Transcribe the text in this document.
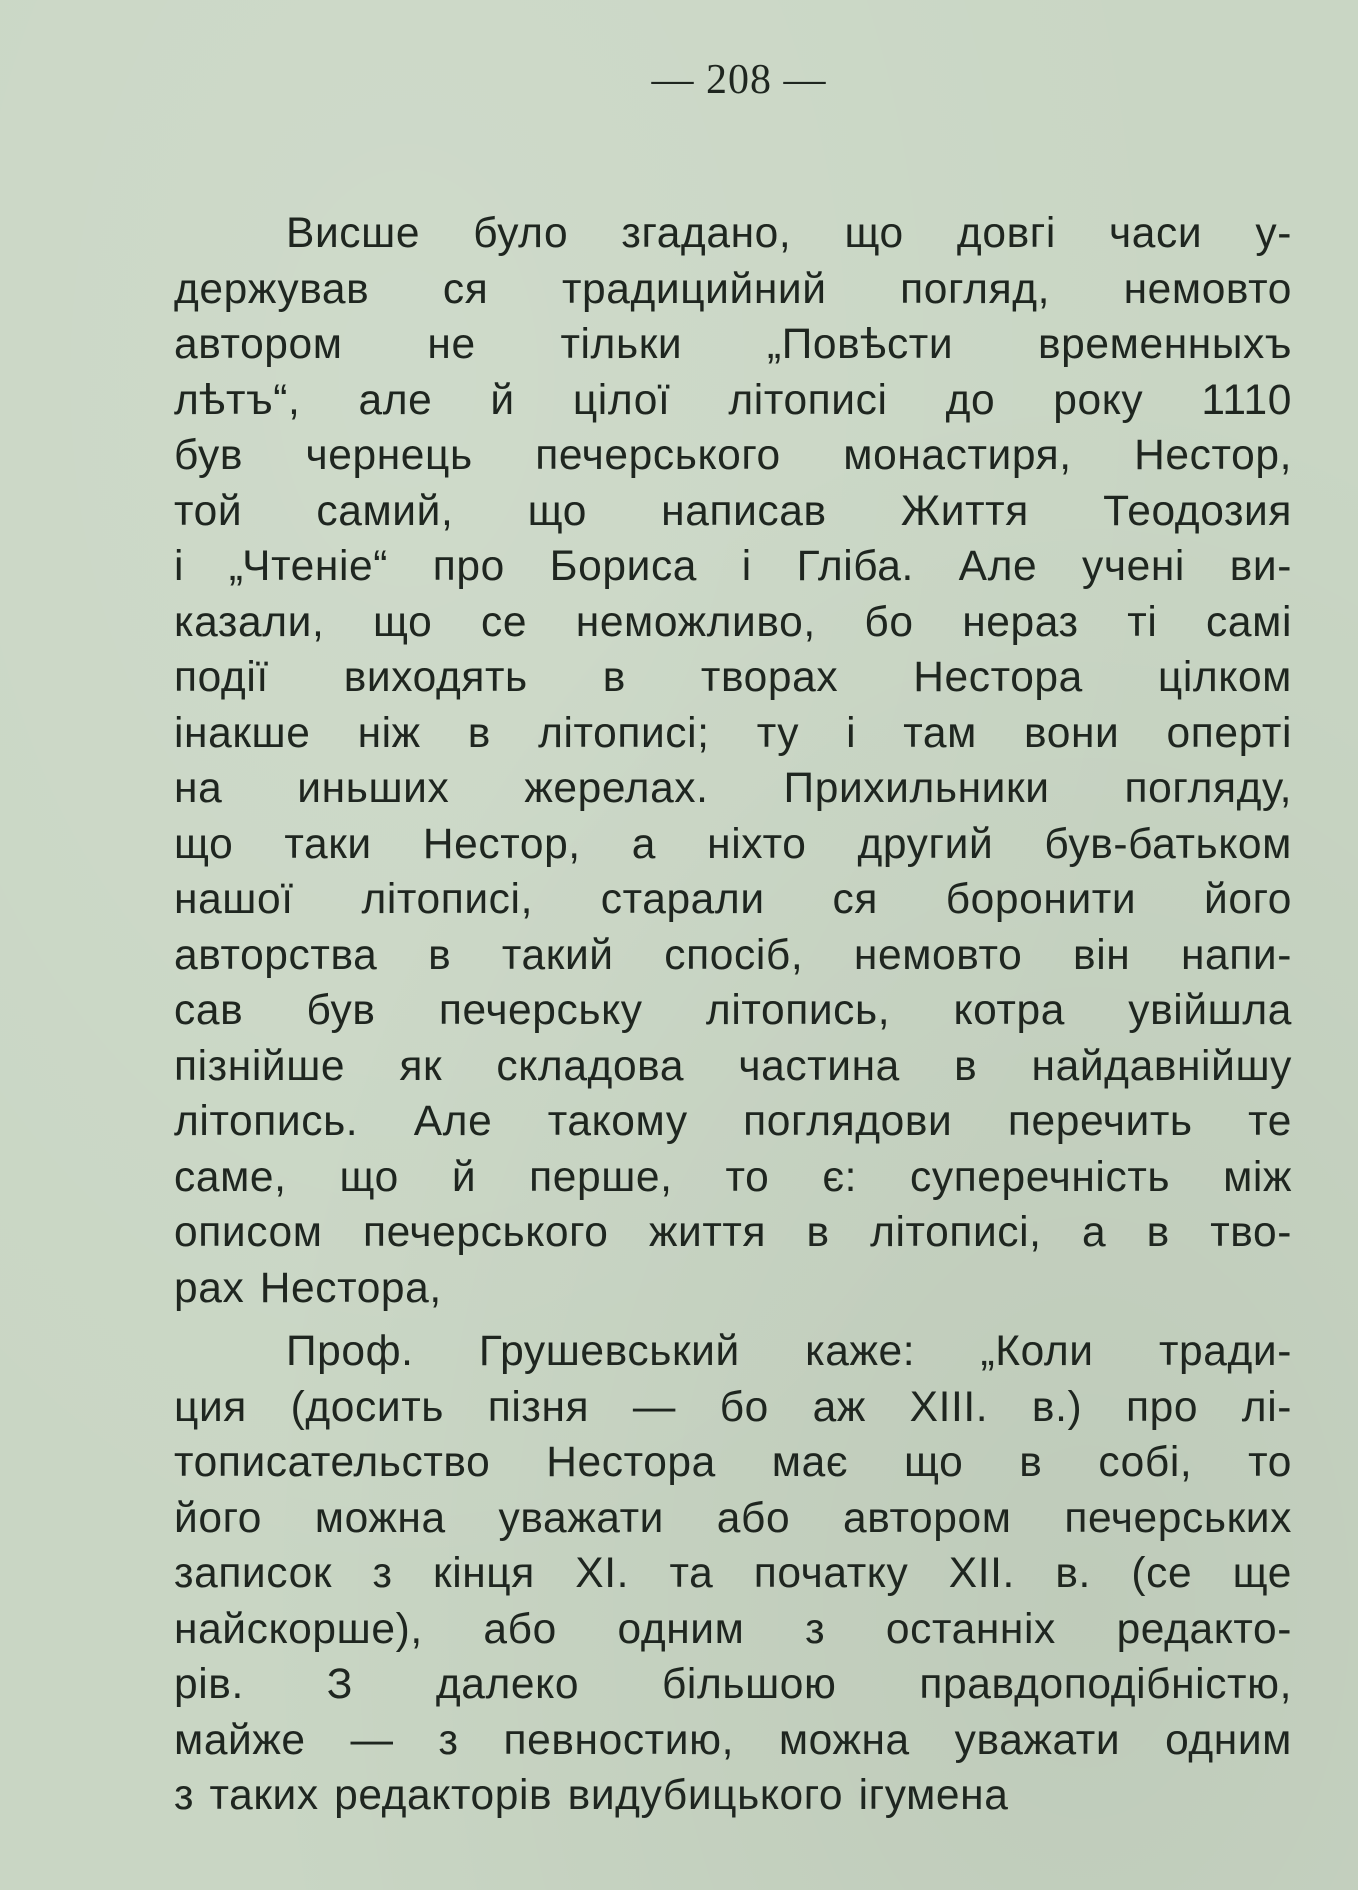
— 208 —
Висше було згадано, що довгі часи у-
держував ся традицийний погляд, немовто
автором не тільки „Повѣсти временныхъ
лѣтъ“, але й цілої літописі до року 1110
був чернець печерського монастиря, Нестор,
той самий, що написав Життя Теодозия
і „Чтеніе“ про Бориса і Гліба. Але учені ви-
казали, що се неможливо, бо нераз ті самі
події виходять в творах Нестора цілком
інакше ніж в літописі; ту і там вони оперті
на иньших жерелах. Прихильники погляду,
що таки Нестор, а ніхто другий був-батьком
нашої літописі, старали ся боронити його
авторства в такий спосіб, немовто він напи-
сав був печерську літопись, котра увійшла
пізнійше як складова частина в найдавнійшу
літопись. Але такому поглядови перечить те
саме, що й перше, то є: суперечність між
описом печерського життя в літописі, а в тво-
рах Нестора,
Проф. Грушевський каже: „Коли тради-
ция (досить пізня — бо аж XIII. в.) про лі-
тописательство Нестора має що в собі, то
його можна уважати або автором печерських
записок з кінця XI. та початку XII. в. (се ще
найскорше), або одним з останніх редакто-
рів. З далеко більшою правдоподібністю,
майже — з певностию, можна уважати одним
з таких редакторів видубицького ігумена
